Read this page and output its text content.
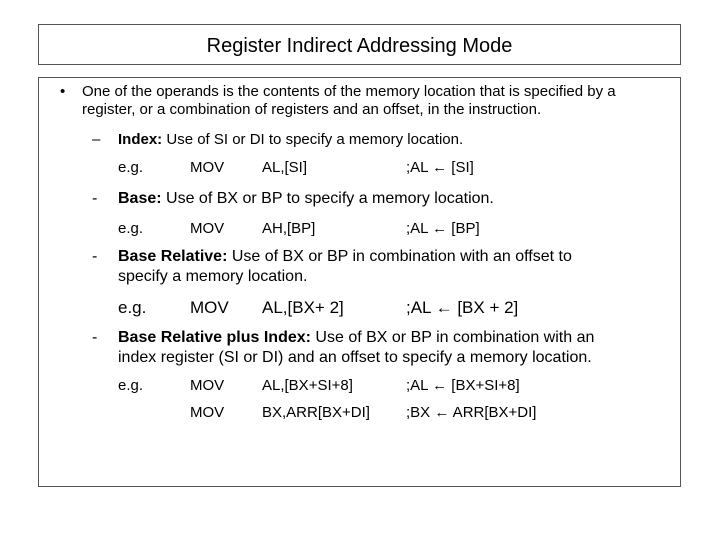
Register Indirect Addressing Mode
• One of the operands is the contents of the memory location that is specified by a
register, or a combination of registers and an offset, in the instruction.
– Index: Use of SI or DI to specify a memory location.
e.g.	MOV	AL,[SI]	;AL ← [SI]
- Base: Use of BX or BP to specify a memory location.
e.g.	MOV	AH,[BP]	;AL ← [BP]
- Base Relative: Use of BX or BP in combination with an offset to
specify a memory location.
e.g.	MOV AL,[BX+ 2]	;AL ← [BX + 2]
- Base Relative plus Index: Use of BX or BP in combination with an
index register (SI or DI) and an offset to specify a memory location.
e.g.	MOV	AL,[BX+SI+8]	;AL ← [BX+SI+8]
MOV	BX,ARR[BX+DI] ;BX ← ARR[BX+DI]
